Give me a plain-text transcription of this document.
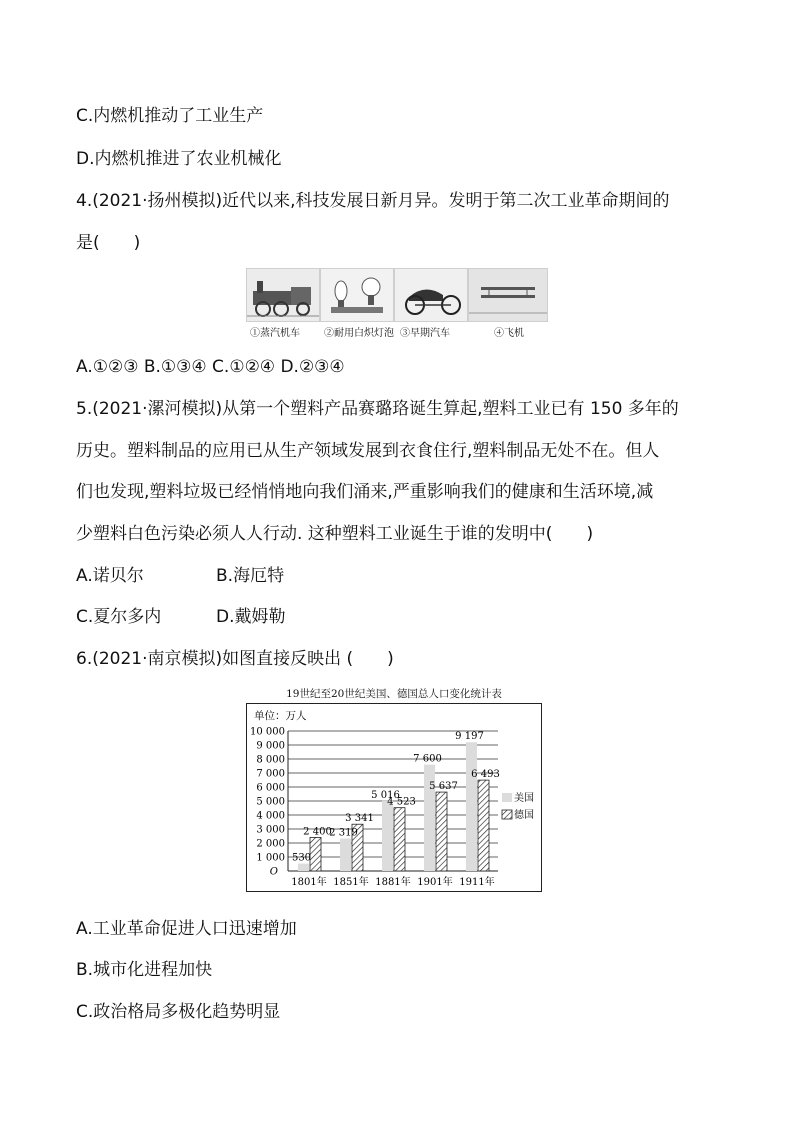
C.内燃机推动了工业生产
D.内燃机推进了农业机械化
4.(2021·扬州模拟)近代以来,科技发展日新月异。发明于第二次工业革命期间的
是(　　)
①蒸汽机车 ②耐用白炽灯泡 ③早期汽车	④飞机
A.①②③ B.①③④ C.①②④ D.②③④
5.(2021·漯河模拟)从第一个塑料产品赛璐珞诞生算起,塑料工业已有 150 多年的
历史。塑料制品的应用已从生产领域发展到衣食住行,塑料制品无处不在。但人
们也发现,塑料垃圾已经悄悄地向我们涌来,严重影响我们的健康和生活环境,减
少塑料白色污染必须人人行动. 这种塑料工业诞生于谁的发明中(　　)
A.诺贝尔	B.海厄特
C.夏尔多内	D.戴姆勒
6.(2021·南京模拟)如图直接反映出 (　　)
19世纪至20世纪美国、德国总人口变化统计表
单位：万人
O
1 000
2 000
3 000
4 000
5 000
6 000
7 000
8 000
9 000
10 000
530
2 400
2 319
3 341
5 016
4 523
7 600
5 637
9 197
6 493
1801年 1851年 1881年 1901年 1911年
美国
德国
A.工业革命促进人口迅速增加
B.城市化进程加快
C.政治格局多极化趋势明显
